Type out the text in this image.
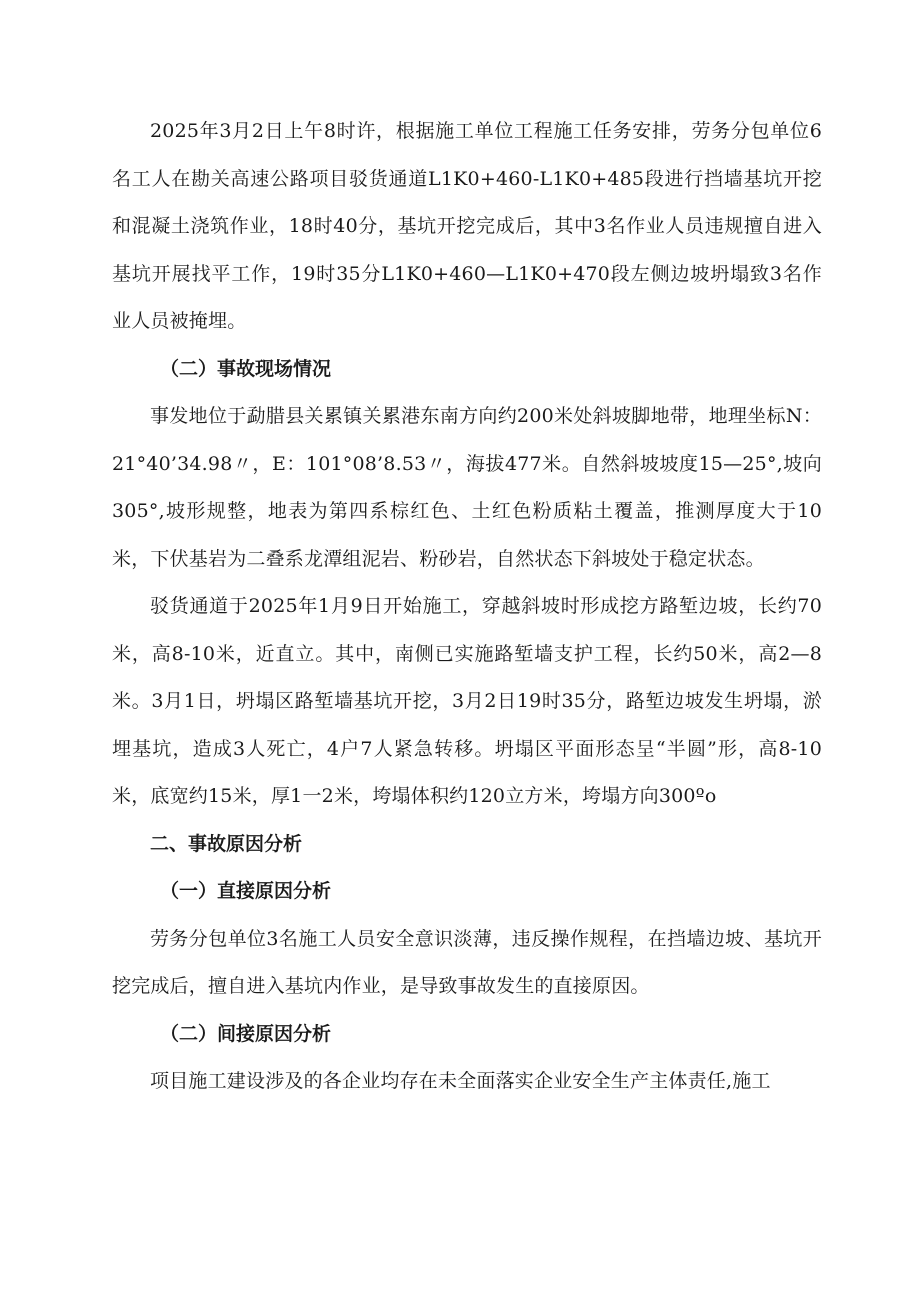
2025年3月2日上午8时许，根据施工单位工程施工任务安排，劳务分包单位6名工人在勘关高速公路项目驳货通道L1K0+460-L1K0+485段进行挡墙基坑开挖和混凝土浇筑作业，18时40分，基坑开挖完成后，其中3名作业人员违规擅自进入基坑开展找平工作，19时35分L1K0+460—L1K0+470段左侧边坡坍塌致3名作业人员被掩埋。

（二）事故现场情况

事发地位于勐腊县关累镇关累港东南方向约200米处斜坡脚地带，地理坐标N：21°40’34.98〃，E：101°08’8.53〃，海拔477米。自然斜坡坡度15—25°,坡向305°,坡形规整，地表为第四系棕红色、土红色粉质粘土覆盖，推测厚度大于10米，下伏基岩为二叠系龙潭组泥岩、粉砂岩，自然状态下斜坡处于稳定状态。

驳货通道于2025年1月9日开始施工，穿越斜坡时形成挖方路堑边坡，长约70米，高8-10米，近直立。其中，南侧已实施路堑墙支护工程，长约50米，高2—8米。3月1日，坍塌区路堑墙基坑开挖，3月2日19时35分，路堑边坡发生坍塌，淤埋基坑，造成3人死亡，4户7人紧急转移。坍塌区平面形态呈“半圆”形，高8-10米，底宽约15米，厚1一2米，垮塌体积约120立方米，垮塌方向300ºo

二、事故原因分析
（一）直接原因分析

劳务分包单位3名施工人员安全意识淡薄，违反操作规程，在挡墙边坡、基坑开挖完成后，擅自进入基坑内作业，是导致事故发生的直接原因。

（二）间接原因分析

项目施工建设涉及的各企业均存在未全面落实企业安全生产主体责任,施工
